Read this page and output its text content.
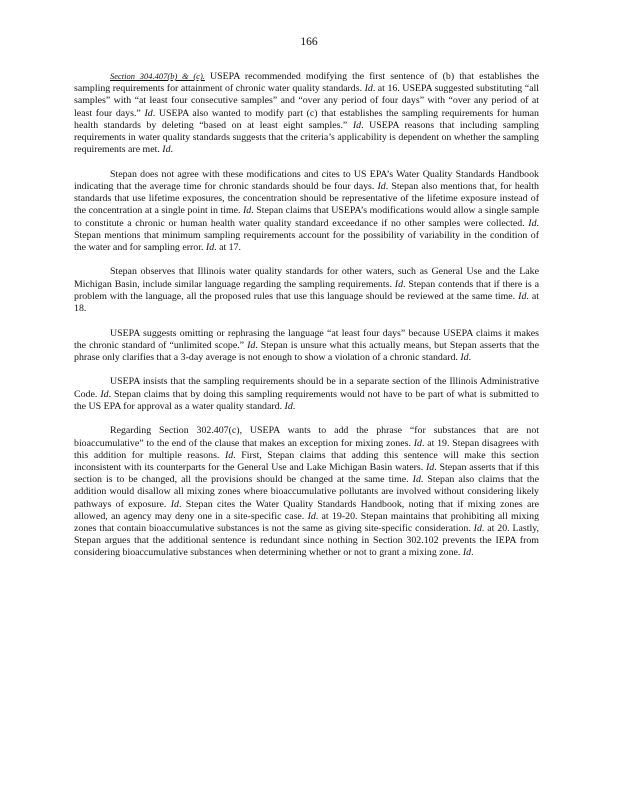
166

Section 304.407(b) & (c). USEPA recommended modifying the first sentence of (b) that establishes the sampling requirements for attainment of chronic water quality standards. Id. at 16. USEPA suggested substituting “all samples” with “at least four consecutive samples” and “over any period of four days” with “over any period of at least four days.” Id. USEPA also wanted to modify part (c) that establishes the sampling requirements for human health standards by deleting “based on at least eight samples.” Id. USEPA reasons that including sampling requirements in water quality standards suggests that the criteria’s applicability is dependent on whether the sampling requirements are met. Id.

Stepan does not agree with these modifications and cites to US EPA’s Water Quality Standards Handbook indicating that the average time for chronic standards should be four days. Id. Stepan also mentions that, for health standards that use lifetime exposures, the concentration should be representative of the lifetime exposure instead of the concentration at a single point in time. Id. Stepan claims that USEPA’s modifications would allow a single sample to constitute a chronic or human health water quality standard exceedance if no other samples were collected. Id. Stepan mentions that minimum sampling requirements account for the possibility of variability in the condition of the water and for sampling error. Id. at 17.

Stepan observes that Illinois water quality standards for other waters, such as General Use and the Lake Michigan Basin, include similar language regarding the sampling requirements. Id. Stepan contends that if there is a problem with the language, all the proposed rules that use this language should be reviewed at the same time. Id. at 18.

USEPA suggests omitting or rephrasing the language “at least four days” because USEPA claims it makes the chronic standard of “unlimited scope.” Id. Stepan is unsure what this actually means, but Stepan asserts that the phrase only clarifies that a 3-day average is not enough to show a violation of a chronic standard. Id.

USEPA insists that the sampling requirements should be in a separate section of the Illinois Administrative Code. Id. Stepan claims that by doing this sampling requirements would not have to be part of what is submitted to the US EPA for approval as a water quality standard. Id.

Regarding Section 302.407(c), USEPA wants to add the phrase “for substances that are not bioaccumulative” to the end of the clause that makes an exception for mixing zones. Id. at 19. Stepan disagrees with this addition for multiple reasons. Id. First, Stepan claims that adding this sentence will make this section inconsistent with its counterparts for the General Use and Lake Michigan Basin waters. Id. Stepan asserts that if this section is to be changed, all the provisions should be changed at the same time. Id. Stepan also claims that the addition would disallow all mixing zones where bioaccumulative pollutants are involved without considering likely pathways of exposure. Id. Stepan cites the Water Quality Standards Handbook, noting that if mixing zones are allowed, an agency may deny one in a site-specific case. Id. at 19-20. Stepan maintains that prohibiting all mixing zones that contain bioaccumulative substances is not the same as giving site-specific consideration. Id. at 20. Lastly, Stepan argues that the additional sentence is redundant since nothing in Section 302.102 prevents the IEPA from considering bioaccumulative substances when determining whether or not to grant a mixing zone. Id.
